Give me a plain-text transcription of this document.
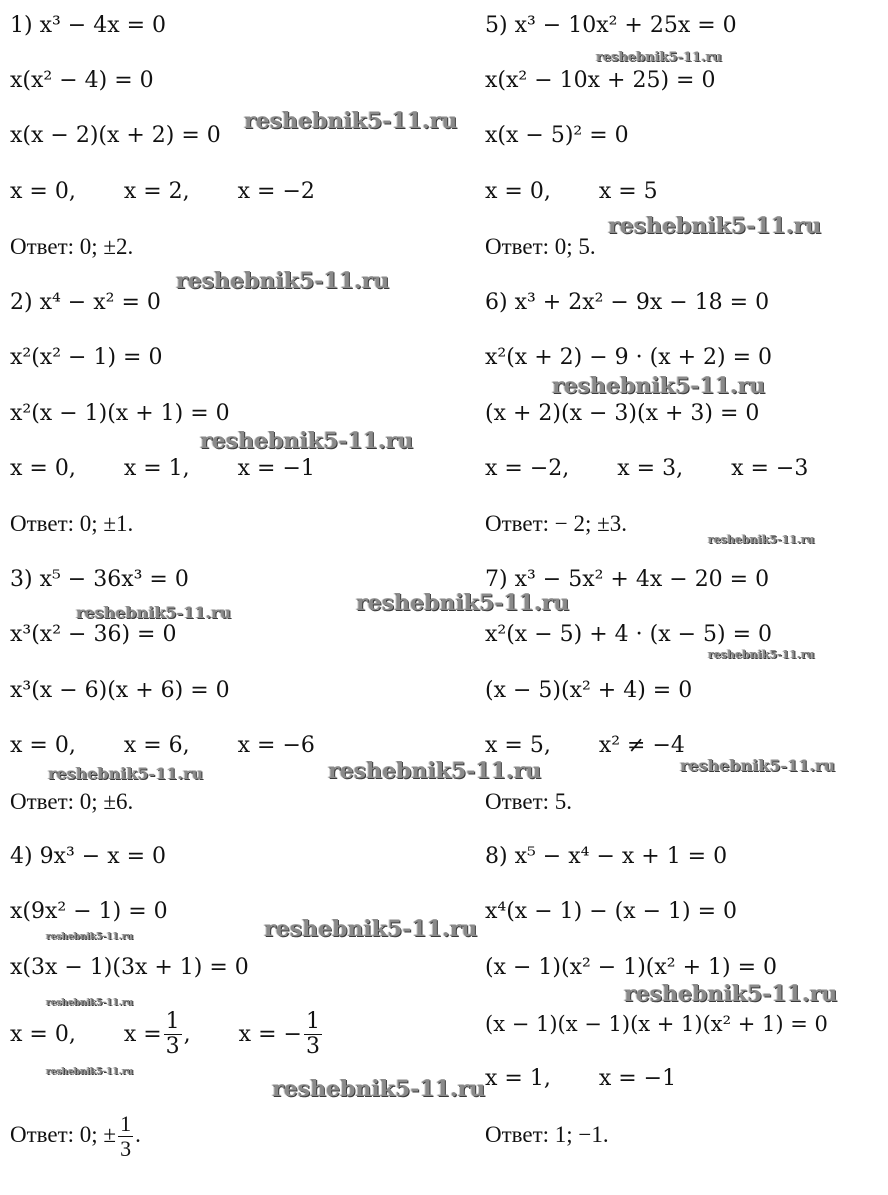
1) x³ − 4x = 0
x(x² − 4) = 0
x(x − 2)(x + 2) = 0
x = 0, x = 2, x = −2
Ответ: 0; ±2.
2) x⁴ − x² = 0
x²(x² − 1) = 0
x²(x − 1)(x + 1) = 0
x = 0, x = 1, x = −1
Ответ: 0; ±1.
3) x⁵ − 36x³ = 0
x³(x² − 36) = 0
x³(x − 6)(x + 6) = 0
x = 0, x = 6, x = −6
Ответ: 0; ±6.
4) 9x³ − x = 0
x(9x² − 1) = 0
x(3x − 1)(3x + 1) = 0
x = 0, $x = \frac{1}{3}$ , x = − $\frac{1}{3}$
Ответ: 0; ± $\frac{1}{3}$ .
5) x³ − 10x² + 25x = 0
x(x² − 10x + 25) = 0
x(x − 5)² = 0
x = 0, x = 5
Ответ: 0; 5.
6) x³ + 2x² − 9x − 18 = 0
x²(x + 2) − 9 · (x + 2) = 0
(x + 2)(x − 3)(x + 3) = 0
x = −2, x = 3, x = −3
Ответ: − 2; ±3.
7) x³ − 5x² + 4x − 20 = 0
x²(x − 5) + 4 · (x − 5) = 0
(x − 5)(x² + 4) = 0
x = 5, x² ≠ −4
Ответ: 5.
8) x⁵ − x⁴ − x + 1 = 0
x⁴(x − 1) − (x − 1) = 0
(x − 1)(x² − 1)(x² + 1) = 0
(x − 1)(x − 1)(x + 1)(x² + 1) = 0
x = 1, x = −1
Ответ: 1; −1.
reshebnik5-11.ru
reshebnik5-11.ru
reshebnik5-11.ru
reshebnik5-11.ru
reshebnik5-11.ru
reshebnik5-11.ru
reshebnik5-11.ru
reshebnik5-11.ru
reshebnik5-11.ru
reshebnik5-11.ru
reshebnik5-11.ru	reshebnik5-11.ru	reshebnik5-11.ru
reshebnik5-11.ru
reshebnik5-11.ru
reshebnik5-11.ru
reshebnik5-11.ru
reshebnik5-11.ru
reshebnik5-11.ru
